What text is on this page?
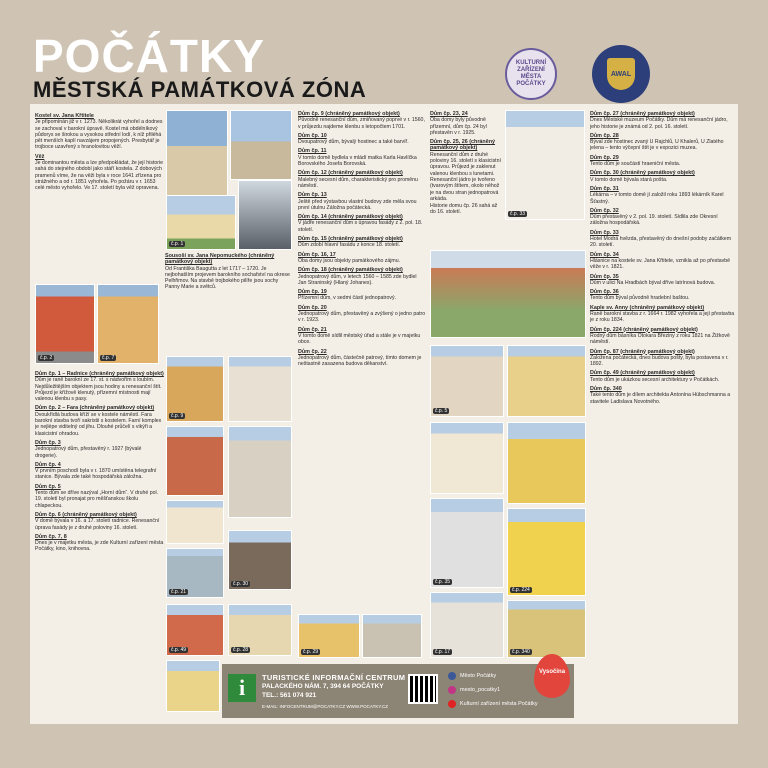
POČÁTKY
MĚSTSKÁ PAMÁTKOVÁ ZÓNA
KULTURNÍ ZAŘÍZENÍ MĚSTA POČÁTKY
AWAL
Kostel sv. Jana Křtitele

Je připomínán již v r. 1273. Několikrát vyhořel a dodnes se zachoval v barokní úpravě. Kostel má obdélníkový půdorys se širokou a vysokou střední lodí, k níž přiléhá pět menších kaplí navzájem propojených. Presbytář je trojboce uzavřený s hranolovitou věží.

Věž

Je dominantou města a lze předpokládat, že její historie sahá do stejného období jako stáří kostela. Z dobových pramenů víme, že na věži byla v roce 1641 zřízena pro strážného a od r. 1851 vyhořela. Po požáru v r. 1653 celé město vyhořelo. Ve 17. století byla věž opravena.

Dům čp. 1 – Radnice (chráněný památkový objekt)

Dům je raně barokní ze 17. st. s nádvořím s loubím. Nejdůležitějším objektem jsou hodiny a renesanční štít. Průjezd je křížově klenutý, přízemní místnosti mají valenou klenbu s pasy.

Dům čp. 2 – Fara (chráněný památkový objekt)

Dvoukřídlá budova kříží se v kostele náměstí. Fara barokní stavba tvoří sakristii s kostelem. Farní komplex je nejlépe viditelný od jihu. Dlouhé průčelí s vikýři a klasicistní ohradou.

Dům čp. 3

Jednopatrový dům, přestavěný r. 1927 (bývalé drogerie).

Dům čp. 4

V prvním poschodí byla v r. 1870 umístěna telegrafní stanice. Bývala zde také hospodářská záložna.

Dům čp. 5

Tento dům se dříve nazýval „Horní dům“. V druhé pol. 19. století byl pronajat pro měšťanskou školu chlapeckou.

Dům čp. 6 (chráněný památkový objekt)

V domě bývala v 16. a 17. století radnice. Renesanční úprava fasády je z druhé poloviny 16. století.

Dům čp. 7, 8

Dnes je v majetku města, je zde Kulturní zařízení města Počátky, kino, knihovna.

Sousoší sv. Jana Nepomuckého (chráněný památkový objekt)

Od Františka Baugutta z let 1717 – 1720. Je nejbohatším projevem barokního sochařství na okrese Pelhřimov. Na stavbě trojbokého pilíře jsou sochy Panny Marie a světců.

Dům čp. 9 (chráněný památkový objekt)

Původně renesanční dům, zmiňovaný poprvé v r. 1560, v průjezdu najdeme klenbu s letopočtem 1701.

Dům čp. 10

Dvoupatrový dům, bývalý hostinec a také barvíř.

Dům čp. 11

V tomto domě bydlela v mládí matka Karla Havlíčka Borovského Josefa Borovská.

Dům čp. 12 (chráněný památkový objekt)

Malebný secesní dům, charakteristický pro proměnu náměstí.

Dům čp. 13

Ještě před výstavbou vlastní budovy zde měla svou první útulnu Záložna počátecká.

Dům čp. 14 (chráněný památkový objekt)

V jádře renesanční dům s úpravou fasády z 2. pol. 18. století.

Dům čp. 15 (chráněný památkový objekt)

Dům zdobí hlavní fasádu z konce 18. století.

Dům čp. 16, 17

Oba domy jsou objekty památkového zájmu.

Dům čp. 18 (chráněný památkový objekt)

Jednopatrový dům, v letech 1560 – 1585 zde bydlel Jan Straninský (Hlaný Johanes).

Dům čp. 19

Přízemní dům, v sedmi částí jednopatrový.

Dům čp. 20

Jednopatrový dům, přestavěný a zvýšený o jedno patro v r. 1923.

Dům čp. 21

V tomto domě sídlil městský úřad a stále je v majetku obce.

Dům čp. 22

Jednopatrový dům, částečně patrový, tímto domem je neštastně zasazena budova děkanství.

Dům čp. 23, 24

Oba domy byly původně přízemní, dům čp. 24 byl přestavěn v r. 1925.

Dům čp. 25, 26 (chráněný památkový objekt)

Renesanční dům z druhé poloviny 16. století s klasicistní úpravou. Průjezd je zaklenut valenou klenbou s lunetami. Renesanční jádro je tvořeno (tvarovým štítem, okolo něhož je na dvou stran jednopatrová arkáda.

Historie domu čp. 26 sahá až do 16. století.

Dům čp. 27 (chráněný památkový objekt)

Dnes Městské muzeum Počátky. Dům má renesanční jádro, jeho historie je známá od 2. pol. 16. století.

Dům čp. 28

Býval zde hostinec zvaný U Rajchlů, U Khalerů, U Zlatého jelena – tento výčepní štít je v expozici muzea.

Dům čp. 29

Tento dům je součástí hraeniční města.

Dům čp. 30 (chráněný památkový objekt)

V tomto domě bývala stará pošta.

Dům čp. 31

Lékárna – v tomto domě jí založil roku 1893 lékárník Karel Šťastný.

Dům čp. 32

Dům přestavěný v 2. pol. 19. století. Sídlila zde Okresní záložna hospodářská.

Dům čp. 33

Hotel Modrá hvězda, přestavěný do dnešní podoby začátkem 20. století.

Dům čp. 34

Hlásnice na kostele sv. Jana Křtitele, vznikla až po přestavbě věže v r. 1821.

Dům čp. 35

Dům v ulici Na Hradbách býval dříve latrínová budova.

Dům čp. 36

Tento dům býval původně hradební baštou.

Kaple sv. Anny (chráněný památkový objekt)

Raně barokní stavba z r. 1664 r. 1982 vyhořela a její přestavba je z roku 1834.

Dům čp. 224 (chráněný památkový objekt)

Rodný dům básníka Otokara Březiny z roku 1821 na Žižkově náměstí.

Dům čp. 87 (chráněný památkový objekt)

Založena počátecká, dnes budova pošty, byla postavena v r. 1892.

Dům čp. 49 (chráněný památkový objekt)

Tento dům je ukázkou secesní architektury v Počátkách.

Dům čp. 340

Také tento dům je dílem architekta Antonína Hübschmanna a stavitele Ladislava Novotného.

č.p. 1
č.p. 2	č.p. 7
č.p. 9
č.p. 21
č.p. 30
č.p. 49	č.p. 28	č.p. 29
č.p. 33
č.p. 5
č.p. 35
č.p. 224
č.p. 17	č.p. 340
i	TURISTICKÉ INFORMAČNÍ CENTRUM
PALACKÉHO NÁM. 7, 394 64 POČÁTKY
TEL.: 561 074 921
E-MAIL: INFOCENTRUM@POCATKY.CZ WWW.POCATKY.CZ
Město Počátky
mesto_pocatky1
Kulturní zařízení města Počátky
Vysočina
